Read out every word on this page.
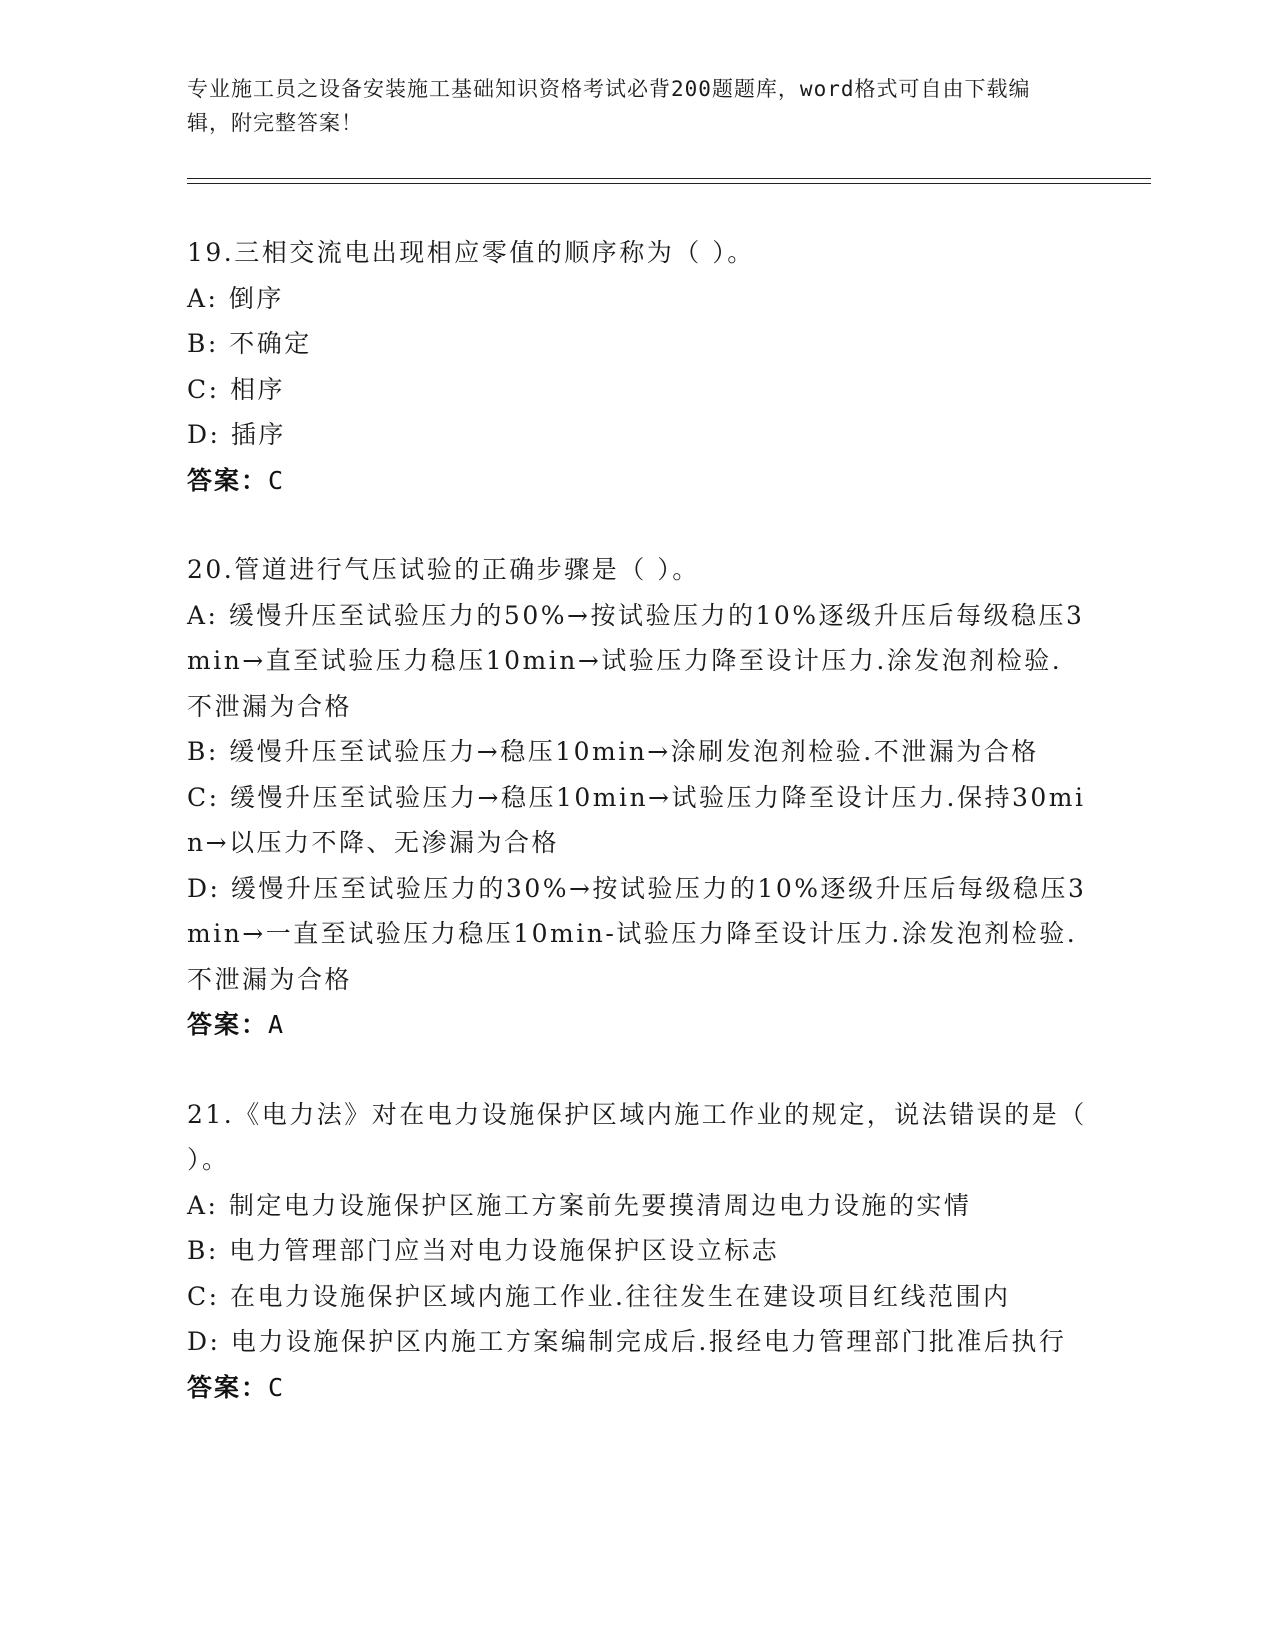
专业施工员之设备安装施工基础知识资格考试必背200题题库，word格式可自由下载编辑，附完整答案！
19.三相交流电出现相应零值的顺序称为（ ）。
A: 倒序
B: 不确定
C: 相序
D: 插序
答案：C
20.管道进行气压试验的正确步骤是（ ）。
A: 缓慢升压至试验压力的50%→按试验压力的10%逐级升压后每级稳压3min→直至试验压力稳压10min→试验压力降至设计压力.涂发泡剂检验.不泄漏为合格
B: 缓慢升压至试验压力→稳压10min→涂刷发泡剂检验.不泄漏为合格
C: 缓慢升压至试验压力→稳压10min→试验压力降至设计压力.保持30min→以压力不降、无渗漏为合格
D: 缓慢升压至试验压力的30%→按试验压力的10%逐级升压后每级稳压3min→一直至试验压力稳压10min-试验压力降至设计压力.涂发泡剂检验.不泄漏为合格
答案：A
21.《电力法》对在电力设施保护区域内施工作业的规定，说法错误的是（ ）。
A: 制定电力设施保护区施工方案前先要摸清周边电力设施的实情
B: 电力管理部门应当对电力设施保护区设立标志
C: 在电力设施保护区域内施工作业.往往发生在建设项目红线范围内
D: 电力设施保护区内施工方案编制完成后.报经电力管理部门批准后执行
答案：C
